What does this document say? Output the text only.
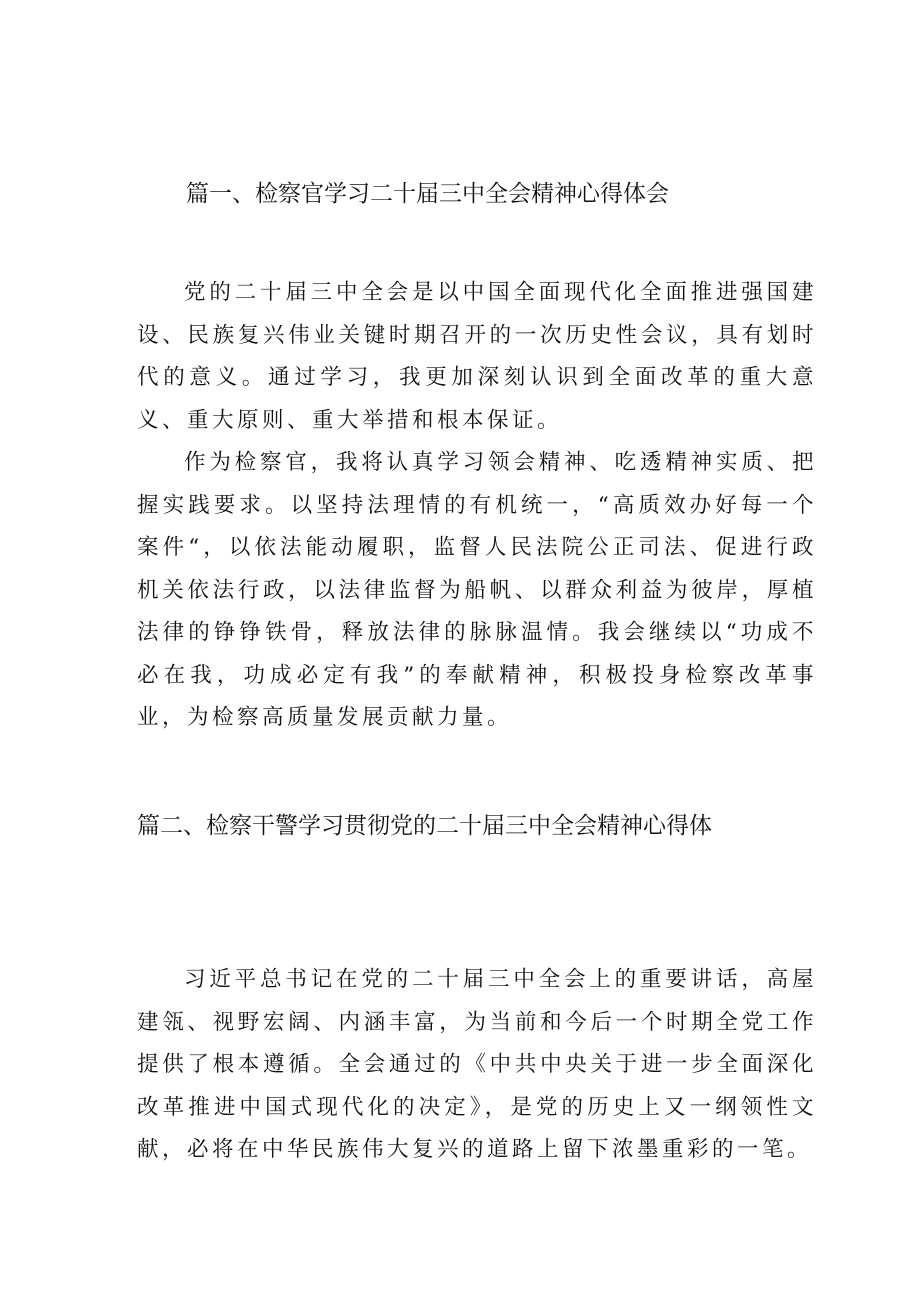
篇一、检察官学习二十届三中全会精神心得体会

党的二十届三中全会是以中国全面现代化全面推进强国建设、民族复兴伟业关键时期召开的一次历史性会议，具有划时代的意义。通过学习，我更加深刻认识到全面改革的重大意义、重大原则、重大举措和根本保证。

作为检察官，我将认真学习领会精神、吃透精神实质、把握实践要求。以坚持法理情的有机统一，“高质效办好每一个案件“，以依法能动履职，监督人民法院公正司法、促进行政机关依法行政，以法律监督为船帆、以群众利益为彼岸，厚植法律的铮铮铁骨，释放法律的脉脉温情。我会继续以“功成不必在我，功成必定有我”的奉献精神，积极投身检察改革事业，为检察高质量发展贡献力量。

篇二、检察干警学习贯彻党的二十届三中全会精神心得体

习近平总书记在党的二十届三中全会上的重要讲话，高屋建瓴、视野宏阔、内涵丰富，为当前和今后一个时期全党工作提供了根本遵循。全会通过的《中共中央关于进一步全面深化改革推进中国式现代化的决定》，是党的历史上又一纲领性文献，必将在中华民族伟大复兴的道路上留下浓墨重彩的一笔。
